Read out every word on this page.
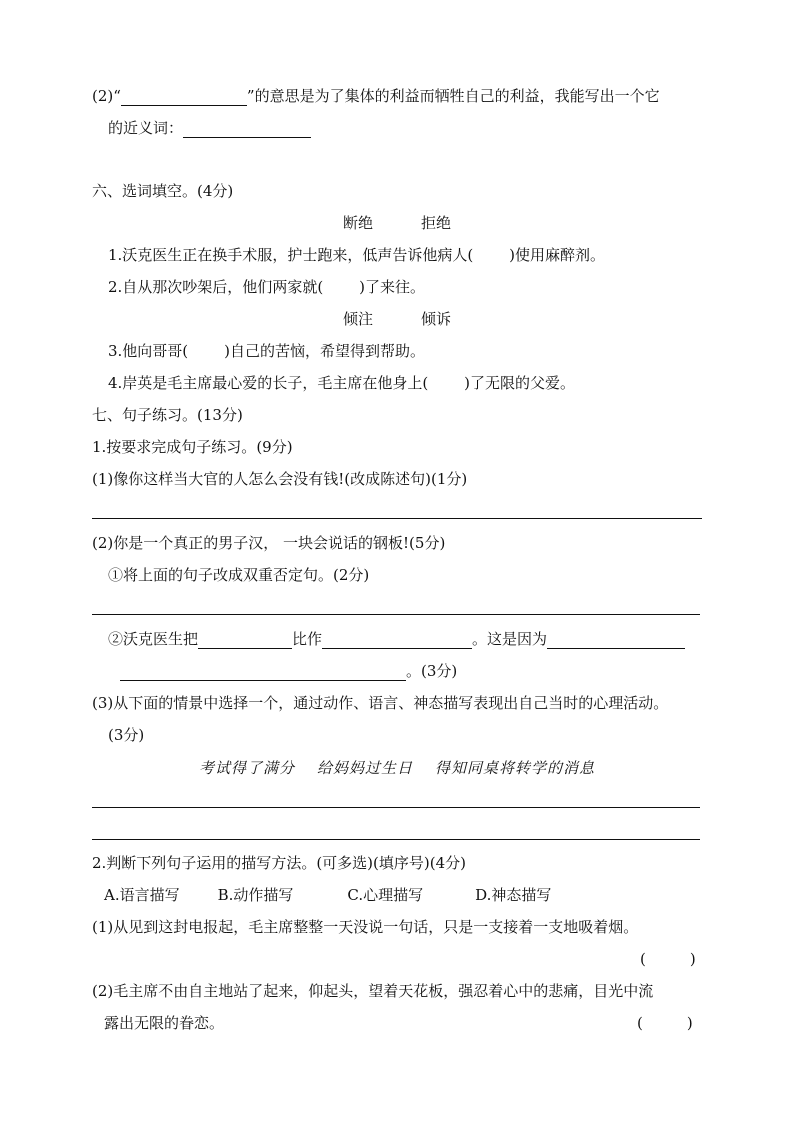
(2)“	”的意思是为了集体的利益而牺牲自己的利益，我能写出一个它
的近义词：
六、选词填空。(4分)
断绝	拒绝
1.沃克医生正在换手术服，护士跑来，低声告诉他病人( )使用麻醉剂。
2.自从那次吵架后，他们两家就( )了来往。
倾注	倾诉
3.他向哥哥( )自己的苦恼，希望得到帮助。
4.岸英是毛主席最心爱的长子，毛主席在他身上( )了无限的父爱。
七、句子练习。(13分)
1.按要求完成句子练习。(9分)
(1)像你这样当大官的人怎么会没有钱!(改成陈述句)(1分)
(2)你是一个真正的男子汉， 一块会说话的钢板!(5分)
①将上面的句子改成双重否定句。(2分)
②沃克医生把	比作	。这是因为
。(3分)
(3)从下面的情景中选择一个，通过动作、语言、神态描写表现出自己当时的心理活动。
(3分)
考试得了满分 给妈妈过生日 得知同桌将转学的消息
2.判断下列句子运用的描写方法。(可多选)(填序号)(4分)
A.语言描写	B.动作描写	C.心理描写	D.神态描写
(1)从见到这封电报起，毛主席整整一天没说一句话，只是一支接着一支地吸着烟。
(	)
(2)毛主席不由自主地站了起来，仰起头，望着天花板，强忍着心中的悲痛，目光中流
露出无限的眷恋。	(	)
